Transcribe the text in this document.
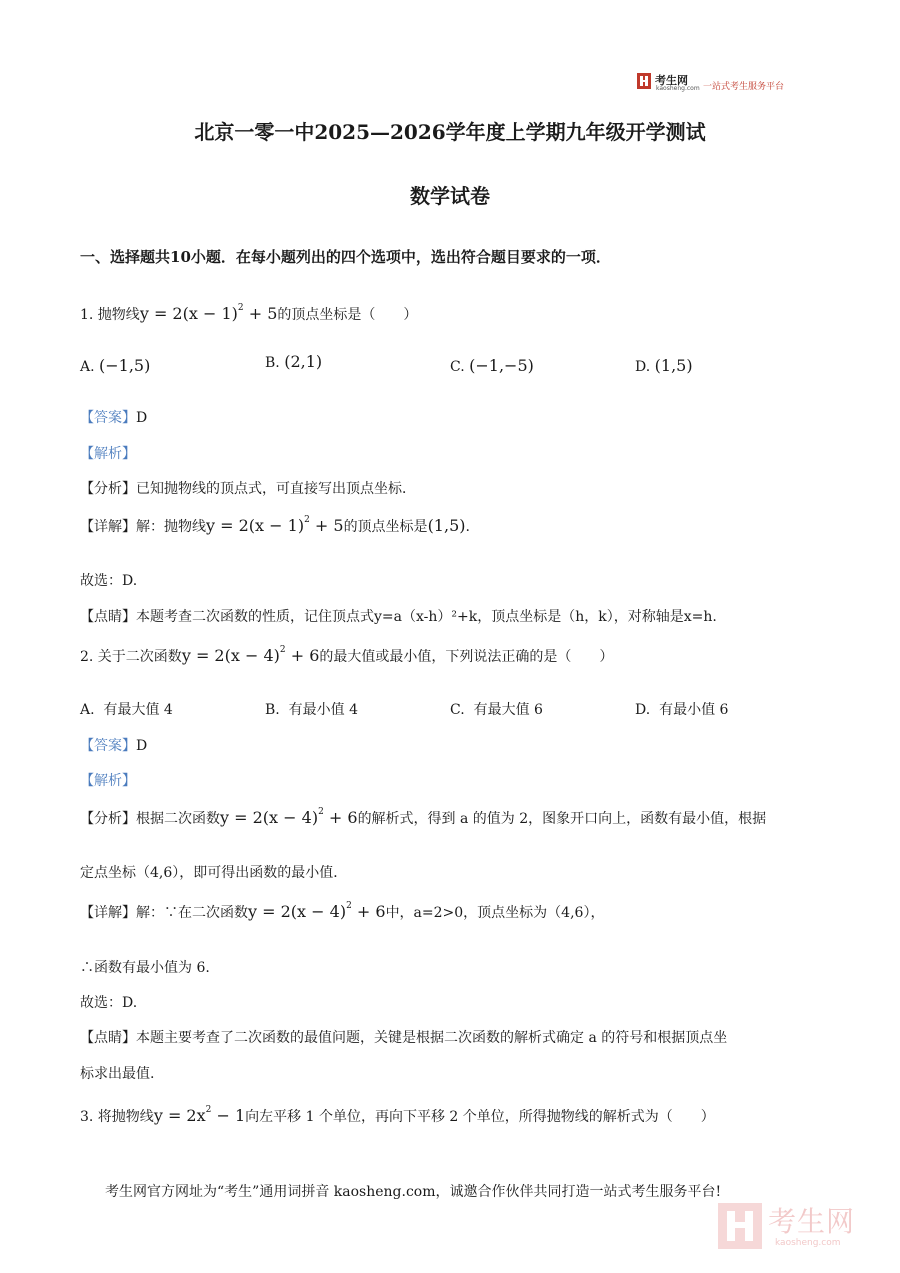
考生网
kaosheng.com 一站式考生服务平台
北京一零一中2025—2026学年度上学期九年级开学测试
数学试卷
一、选择题共10小题．在每小题列出的四个选项中，选出符合题目要求的一项．
1. 抛物线$y = 2(x - 1)^2 + 5$的顶点坐标是（　　）
A. (−1,5)	B. (2,1)	C. (−1,−5)	D. (1,5)
【答案】D
【解析】
【分析】已知抛物线的顶点式，可直接写出顶点坐标．
【详解】解：抛物线$y = 2(x - 1)^2 + 5$的顶点坐标是(1,5).
故选：D.
【点睛】本题考查二次函数的性质，记住顶点式y=a（x-h）²+k，顶点坐标是（h，k），对称轴是x=h.
2. 关于二次函数$y = 2(x - 4)^2 + 6$的最大值或最小值，下列说法正确的是（　　）
A. 有最大值 4	B. 有最小值 4	C. 有最大值 6	D. 有最小值 6
【答案】D
【解析】
【分析】根据二次函数$y = 2(x - 4)^2 + 6$的解析式，得到 a 的值为 2，图象开口向上，函数有最小值，根据
定点坐标（4,6），即可得出函数的最小值．
【详解】解：∵在二次函数$y = 2(x - 4)^2 + 6$中，a=2>0，顶点坐标为（4,6），
∴函数有最小值为 6.
故选：D.
【点睛】本题主要考查了二次函数的最值问题，关键是根据二次函数的解析式确定 a 的符号和根据顶点坐
标求出最值.
3. 将抛物线$y = 2x^2 - 1$向左平移 1 个单位，再向下平移 2 个单位，所得抛物线的解析式为（　　）
考生网官方网址为“考生”通用词拼音 kaosheng.com，诚邀合作伙伴共同打造一站式考生服务平台!
考生网
kaosheng.com
